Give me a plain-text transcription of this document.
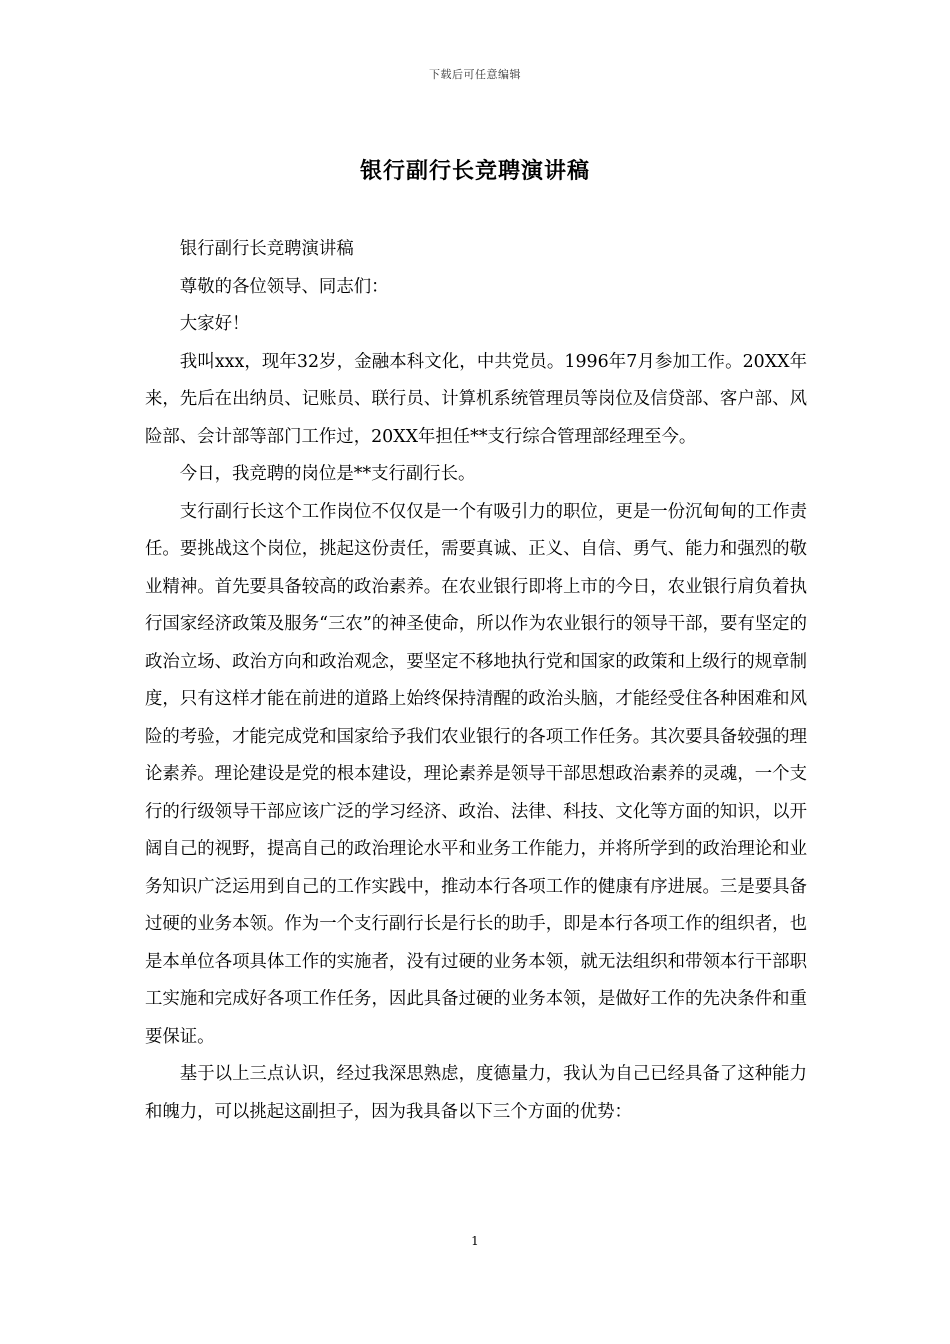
下载后可任意编辑
银行副行长竞聘演讲稿

银行副行长竞聘演讲稿

尊敬的各位领导、同志们：

大家好！

我叫xxx，现年32岁，金融本科文化，中共党员。1996年7月参加工作。20XX年来，先后在出纳员、记账员、联行员、计算机系统管理员等岗位及信贷部、客户部、风险部、会计部等部门工作过，20XX年担任**支行综合管理部经理至今。

今日，我竞聘的岗位是**支行副行长。

支行副行长这个工作岗位不仅仅是一个有吸引力的职位，更是一份沉甸甸的工作责任。要挑战这个岗位，挑起这份责任，需要真诚、正义、自信、勇气、能力和强烈的敬业精神。首先要具备较高的政治素养。在农业银行即将上市的今日，农业银行肩负着执行国家经济政策及服务“三农”的神圣使命，所以作为农业银行的领导干部，要有坚定的政治立场、政治方向和政治观念，要坚定不移地执行党和国家的政策和上级行的规章制度，只有这样才能在前进的道路上始终保持清醒的政治头脑，才能经受住各种困难和风险的考验，才能完成党和国家给予我们农业银行的各项工作任务。其次要具备较强的理论素养。理论建设是党的根本建设，理论素养是领导干部思想政治素养的灵魂，一个支行的行级领导干部应该广泛的学习经济、政治、法律、科技、文化等方面的知识，以开阔自己的视野，提高自己的政治理论水平和业务工作能力，并将所学到的政治理论和业务知识广泛运用到自己的工作实践中，推动本行各项工作的健康有序进展。三是要具备过硬的业务本领。作为一个支行副行长是行长的助手，即是本行各项工作的组织者，也是本单位各项具体工作的实施者，没有过硬的业务本领，就无法组织和带领本行干部职工实施和完成好各项工作任务，因此具备过硬的业务本领，是做好工作的先决条件和重要保证。

基于以上三点认识，经过我深思熟虑，度德量力，我认为自己已经具备了这种能力和魄力，可以挑起这副担子，因为我具备以下三个方面的优势：

1
